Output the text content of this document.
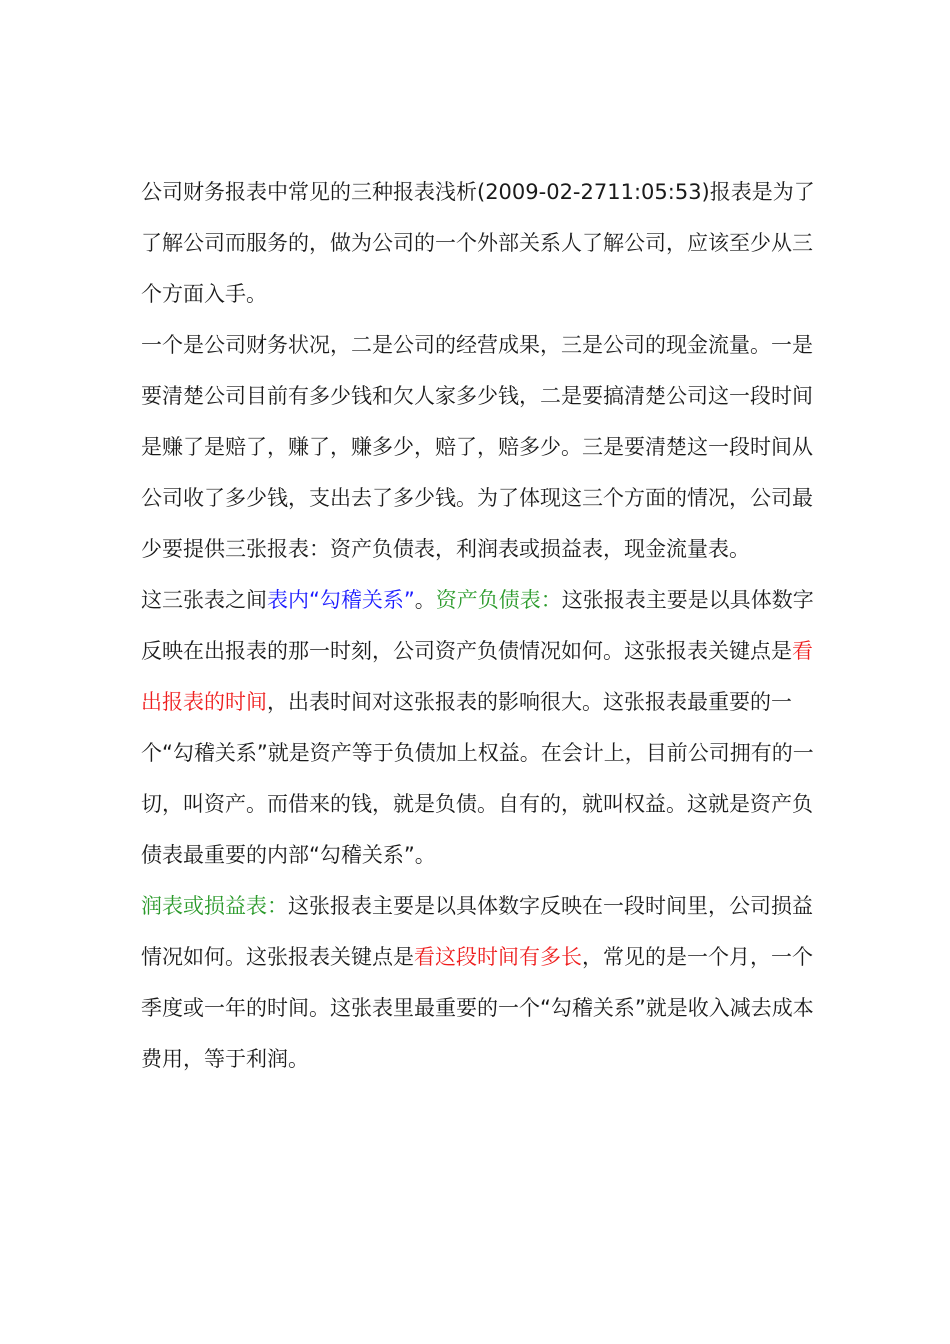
公司财务报表中常见的三种报表浅析(2009-02-2711:05:53)报表是为了了解公司而服务的，做为公司的一个外部关系人了解公司，应该至少从三个方面入手。

一个是公司财务状况，二是公司的经营成果，三是公司的现金流量。一是要清楚公司目前有多少钱和欠人家多少钱，二是要搞清楚公司这一段时间是赚了是赔了，赚了，赚多少，赔了，赔多少。三是要清楚这一段时间从公司收了多少钱，支出去了多少钱。为了体现这三个方面的情况，公司最少要提供三张报表：资产负债表，利润表或损益表，现金流量表。

这三张表之间表内“勾稽关系”。资产负债表：这张报表主要是以具体数字反映在出报表的那一时刻，公司资产负债情况如何。这张报表关键点是看出报表的时间，出表时间对这张报表的影响很大。这张报表最重要的一个“勾稽关系”就是资产等于负债加上权益。在会计上，目前公司拥有的一切，叫资产。而借来的钱，就是负债。自有的，就叫权益。这就是资产负债表最重要的内部“勾稽关系”。

润表或损益表：这张报表主要是以具体数字反映在一段时间里，公司损益情况如何。这张报表关键点是看这段时间有多长，常见的是一个月，一个季度或一年的时间。这张表里最重要的一个“勾稽关系”就是收入减去成本费用，等于利润。
